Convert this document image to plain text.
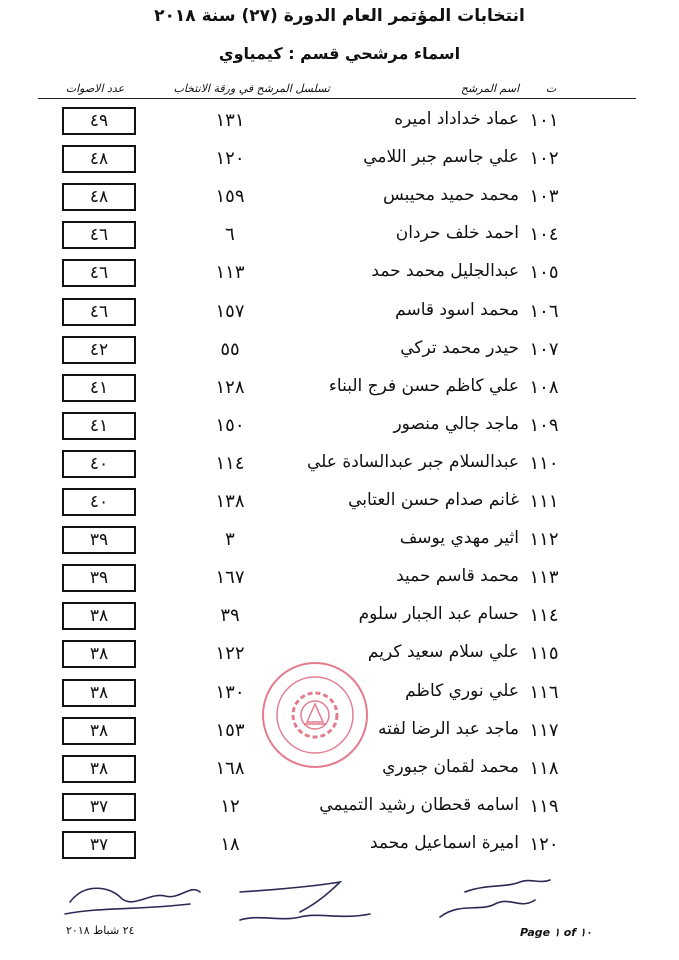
انتخابات المؤتمر العام الدورة (٢٧) سنة ٢٠١٨
اسماء مرشحي قسم : كيمياوي
ت
اسم المرشح
تسلسل المرشح في ورقة الانتخاب
عدد الاصوات
١٠١
عماد خداداد اميره
١٣١
٤٩
١٠٢
علي جاسم جبر اللامي
١٢٠
٤٨
١٠٣
محمد حميد محيبس
١٥٩
٤٨
١٠٤
احمد خلف حردان
٦
٤٦
١٠٥
عبدالجليل محمد حمد
١١٣
٤٦
١٠٦
محمد اسود قاسم
١٥٧
٤٦
١٠٧
حيدر محمد تركي
٥٥
٤٢
١٠٨
علي كاظم حسن فرج البناء
١٢٨
٤١
١٠٩
ماجد جالي منصور
١٥٠
٤١
١١٠
عبدالسلام جبر عبدالسادة علي
١١٤
٤٠
١١١
غانم صدام حسن العتابي
١٣٨
٤٠
١١٢
اثير مهدي يوسف
٣
٣٩
١١٣
محمد قاسم حميد
١٦٧
٣٩
١١٤
حسام عبد الجبار سلوم
٣٩
٣٨
١١٥
علي سلام سعيد كريم
١٢٢
٣٨
١١٦
علي نوري كاظم
١٣٠
٣٨
١١٧
ماجد عبد الرضا لفته
١٥٣
٣٨
١١٨
محمد لقمان جبوري
١٦٨
٣٨
١١٩
اسامه قحطان رشيد التميمي
١٢
٣٧
١٢٠
اميرة اسماعيل محمد
١٨
٣٧
٢٤ شباط ٢٠١٨	Page ١ of ١٠
